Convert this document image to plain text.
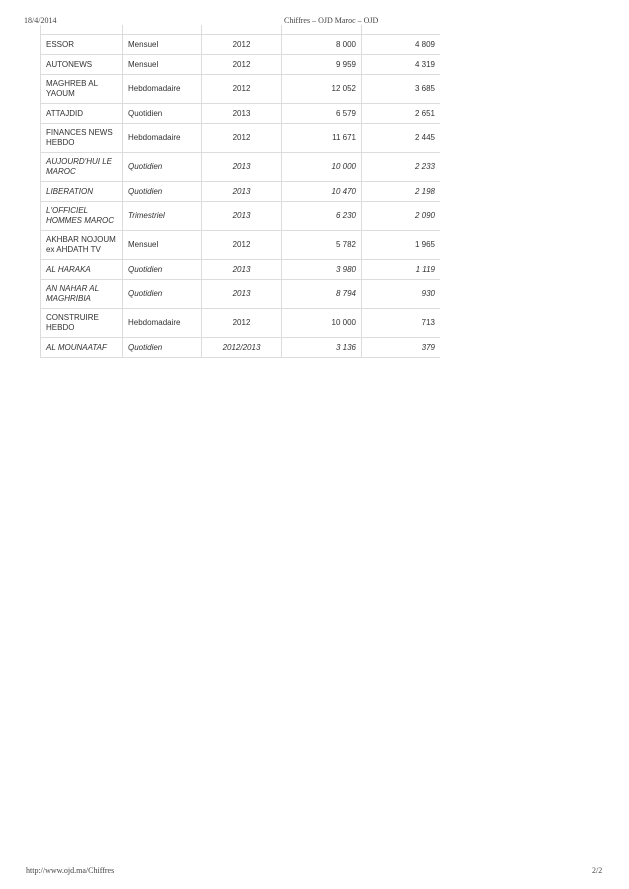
18/4/2014	Chiffres – OJD Maroc – OJD

ESSOR	Mensuel	2012	8 000	4 809
AUTONEWS	Mensuel	2012	9 959	4 319
MAGHREB AL YAOUM	Hebdomadaire	2012	12 052	3 685
ATTAJDID	Quotidien	2013	6 579	2 651
FINANCES NEWS HEBDO	Hebdomadaire	2012	11 671	2 445
AUJOURD'HUI LE MAROC	Quotidien	2013	10 000	2 233
LIBERATION	Quotidien	2013	10 470	2 198
L'OFFICIEL HOMMES MAROC	Trimestriel	2013	6 230	2 090
AKHBAR NOJOUM ex AHDATH TV	Mensuel	2012	5 782	1 965
AL HARAKA	Quotidien	2013	3 980	1 119
AN NAHAR AL MAGHRIBIA	Quotidien	2013	8 794	930
CONSTRUIRE HEBDO	Hebdomadaire	2012	10 000	713
AL MOUNAATAF	Quotidien	2012/2013	3 136	379
http://www.ojd.ma/Chiffres	2/2
